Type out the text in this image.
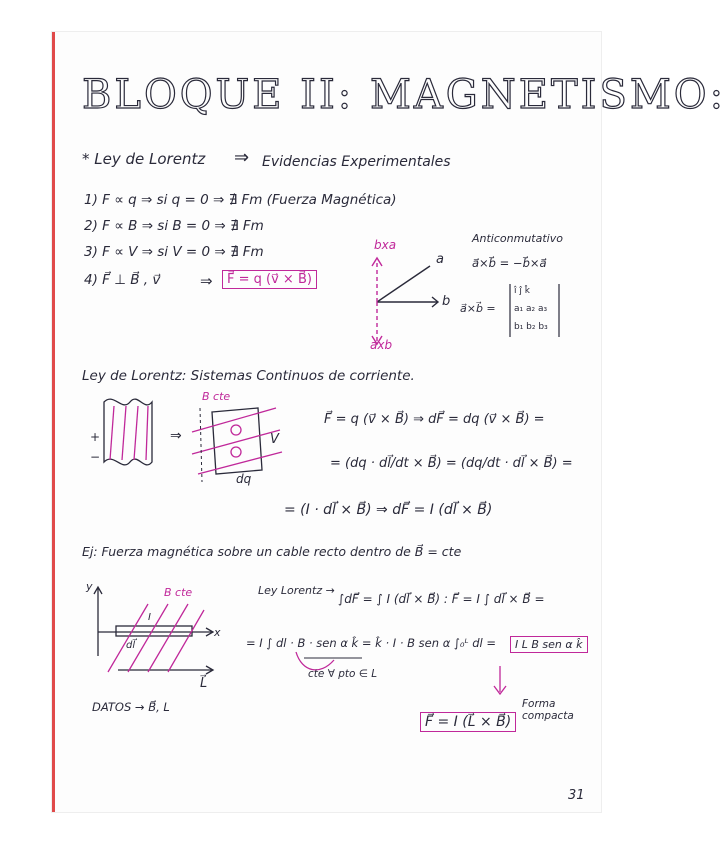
BLOQUE II: MAGNETISMO:
* Ley de Lorentz ⇒ Evidencias Experimentales
1) F ∝ q ⇒ si q = 0 ⇒ ∄ Fm (Fuerza Magnética)
2) F ∝ B ⇒ si B = 0 ⇒ ∄ Fm
3) F ∝ V ⇒ si V = 0 ⇒ ∄ Fm
4) F⃗ ⊥ B⃗ , v⃗	⇒	F⃗ = q (v⃗ × B⃗)
bxa
a
b
axb
Anticonmutativo
a⃗×b⃗ = −b⃗×a⃗
a⃗×b⃗ =
î ĵ k̂
a₁ a₂ a₃
b₁ b₂ b₃
Ley de Lorentz: Sistemas Continuos de corriente.
B cte
+
−
⇒	V
dq
F⃗ = q (v⃗ × B⃗) ⇒ dF⃗ = dq (v⃗ × B⃗) =
= (dq · dl⃗/dt × B⃗) = (dq/dt · dl⃗ × B⃗) =
= (I · dl⃗ × B⃗) ⇒ dF⃗ = I (dl⃗ × B⃗)
Ej: Fuerza magnética sobre un cable recto dentro de B⃗ = cte
y
x
B cte
dl⃗
I
L⃗
Ley Lorentz →
∫dF⃗ = ∫ I (dl⃗ × B⃗) : F⃗ = I ∫ dl⃗ × B⃗ =
= I ∫ dl · B · sen α k̂ = k̂ · I · B sen α ∫₀ᴸ dl =	I L B sen α k̂
cte ∀ pto ∈ L
DATOS → B⃗, L
F⃗ = I (L⃗ × B⃗)
Forma compacta
31
